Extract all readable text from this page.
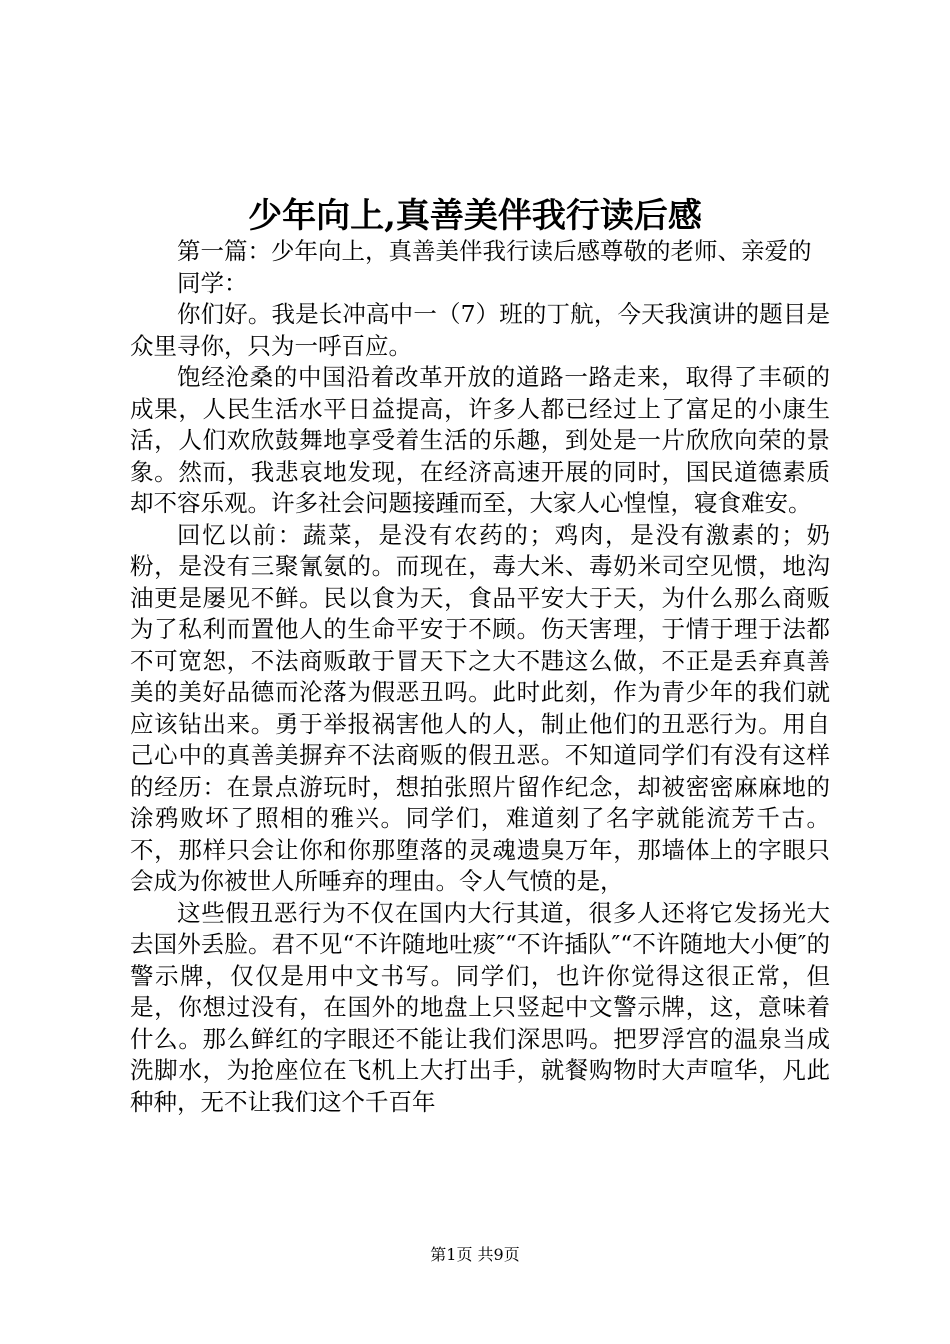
少年向上,真善美伴我行读后感

第一篇：少年向上，真善美伴我行读后感尊敬的老师、亲爱的

同学：

你们好。我是长冲高中一（7）班的丁航，今天我演讲的题目是众里寻你，只为一呼百应。

饱经沧桑的中国沿着改革开放的道路一路走来，取得了丰硕的成果，人民生活水平日益提高，许多人都已经过上了富足的小康生活，人们欢欣鼓舞地享受着生活的乐趣，到处是一片欣欣向荣的景象。然而，我悲哀地发现，在经济高速开展的同时，国民道德素质却不容乐观。许多社会问题接踵而至，大家人心惶惶，寝食难安。

回忆以前：蔬菜，是没有农药的；鸡肉，是没有激素的；奶粉，是没有三聚氰氨的。而现在，毒大米、毒奶米司空见惯，地沟油更是屡见不鲜。民以食为天，食品平安大于天，为什么那么商贩为了私利而置他人的生命平安于不顾。伤天害理，于情于理于法都不可宽恕，不法商贩敢于冒天下之大不韪这么做，不正是丢弃真善美的美好品德而沦落为假恶丑吗。此时此刻，作为青少年的我们就应该钻出来。勇于举报祸害他人的人，制止他们的丑恶行为。用自己心中的真善美摒弃不法商贩的假丑恶。不知道同学们有没有这样的经历：在景点游玩时，想拍张照片留作纪念，却被密密麻麻地的涂鸦败坏了照相的雅兴。同学们，难道刻了名字就能流芳千古。不，那样只会让你和你那堕落的灵魂遗臭万年，那墙体上的字眼只会成为你被世人所唾弃的理由。令人气愤的是，

这些假丑恶行为不仅在国内大行其道，很多人还将它发扬光大去国外丢脸。君不见“不许随地吐痰″“不许插队″“不许随地大小便″的警示牌，仅仅是用中文书写。同学们，也许你觉得这很正常，但是，你想过没有，在国外的地盘上只竖起中文警示牌，这，意味着什么。那么鲜红的字眼还不能让我们深思吗。把罗浮宫的温泉当成洗脚水，为抢座位在飞机上大打出手，就餐购物时大声喧华，凡此种种，无不让我们这个千百年

第1页 共9页
